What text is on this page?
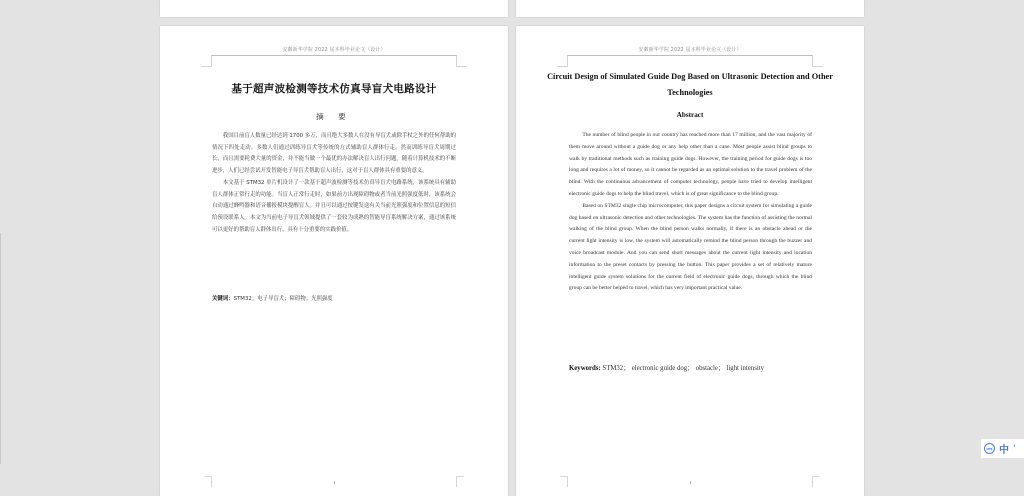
安徽新华学院 2022 届本科毕业论文（设计）
基于超声波检测等技术仿真导盲犬电路设计
摘 要

我国目前盲人数量已经达到 1700 多万，而且绝大多数人在没有导盲犬或除手杖之外的任何帮助的情况下四处走动。多数人们通过训练导盲犬等传统的方式辅助盲人群体行走。然而训练导盲犬周期过长，而且需要耗费大量的资金，并不能当做一个最优的办法解决盲人出行问题。随着计算机技术的不断进步，人们已经尝试开发智能电子导盲犬帮助盲人出行，这对于盲人群体具有重要的意义。

本文基于 STM32 单片机设计了一款基于超声波检测等技术仿真导盲犬电路系统，该系统具有辅助盲人群体正常行走的功能。当盲人正常行走时，如果前方出现障碍物或者当前光照强度低时，该系统会自动通过蜂鸣器和语音播报模块提醒盲人。并且可以通过按键发送有关当前光照强度和位置信息的短信给预设联系人。本文为当前电子导盲犬领域提供了一套较为成熟的智能导盲系统解决方案，通过该系统可以更好的帮助盲人群体出行，具有十分重要的实践价值。

关键词：STM32；电子导盲犬；障碍物；光照强度
安徽新华学院 2022 届本科毕业论文（设计）
Circuit Design of Simulated Guide Dog Based on Ultrasonic Detection and Other Technologies
Abstract

The number of blind people in our country has reached more than 17 million, and the vast majority of them move around without a guide dog or any help other than a cane. Most people assist blind groups to walk by traditional methods such as training guide dogs. However, the training period for guide dogs is too long and requires a lot of money, so it cannot be regarded as an optimal solution to the travel problem of the blind. With the continuous advancement of computer technology, people have tried to develop intelligent electronic guide dogs to help the blind travel, which is of great significance to the blind group.

Based on STM32 single chip microcomputer, this paper designs a circuit system for simulating a guide dog based on ultrasonic detection and other technologies. The system has the function of assisting the normal walking of the blind group. When the blind person walks normally, if there is an obstacle ahead or the current light intensity is low, the system will automatically remind the blind person through the buzzer and voice broadcast module. And you can send short messages about the current light intensity and location information to the preset contacts by pressing the button. This paper provides a set of relatively mature intelligent guide system solutions for the current field of electronic guide dogs, through which the blind group can be better helped to travel, which has very important practical value.

Keywords: STM32； electronic guide dog； obstacle； light intensity
IME 中 '
